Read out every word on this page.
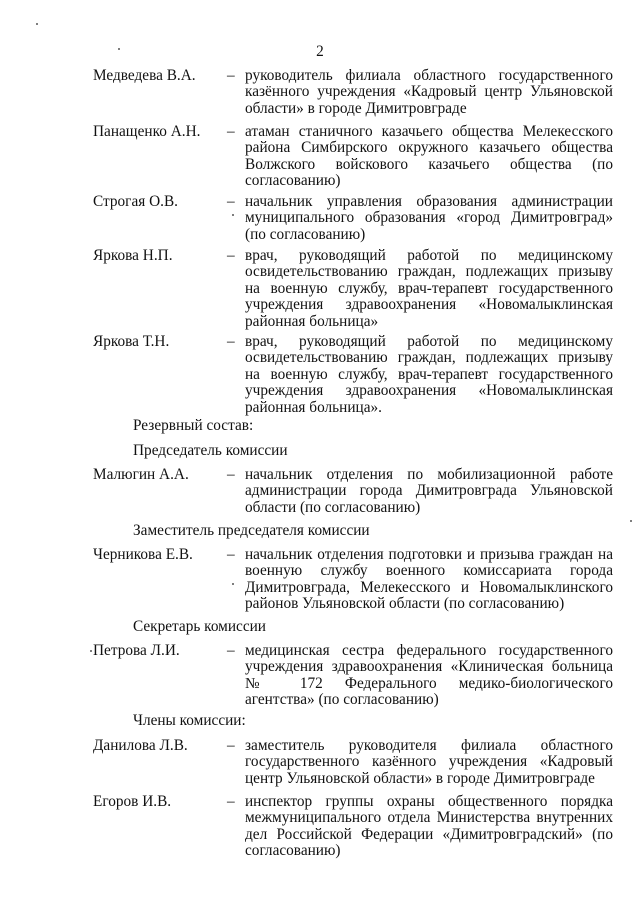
2
Медведева В.А. – руководитель филиала областного государственного казённого учреждения «Кадровый центр Ульяновской области» в городе Димитровграде
Панащенко А.Н. – атаман станичного казачьего общества Мелекесского района Симбирского окружного казачьего общества Волжского войскового казачьего общества (по согласованию)
Строгая О.В.	– начальник управления образования администрации муниципального образования «город Димитровград» (по согласованию)
Яркова Н.П.	– врач, руководящий работой по медицинскому освидетельствованию граждан, подлежащих призыву на военную службу, врач-терапевт государственного учреждения здравоохранения «Новомалыклинская районная больница»
Яркова Т.Н.	– врач, руководящий работой по медицинскому освидетельствованию граждан, подлежащих призыву на военную службу, врач-терапевт государственного учреждения здравоохранения «Новомалыклинская районная больница».
Резервный состав:
Председатель комиссии
Малюгин А.А. – начальник отделения по мобилизационной работе администрации города Димитровграда Ульяновской области (по согласованию)
Заместитель председателя комиссии
Черникова Е.В. – начальник отделения подготовки и призыва граждан на военную службу военного комиссариата города Димитровграда, Мелекесского и Новомалыклинского районов Ульяновской области (по согласованию)
Секретарь комиссии
Петрова Л.И.	– медицинская сестра федерального государственного учреждения здравоохранения «Клиническая больница № 172 Федерального медико-биологического агентства» (по согласованию)
Члены комиссии:
Данилова Л.В.	– заместитель руководителя филиала областного государственного казённого учреждения «Кадровый центр Ульяновской области» в городе Димитровграде
Егоров И.В.	– инспектор группы охраны общественного порядка межмуниципального отдела Министерства внутренних дел Российской Федерации «Димитровградский» (по согласованию)
